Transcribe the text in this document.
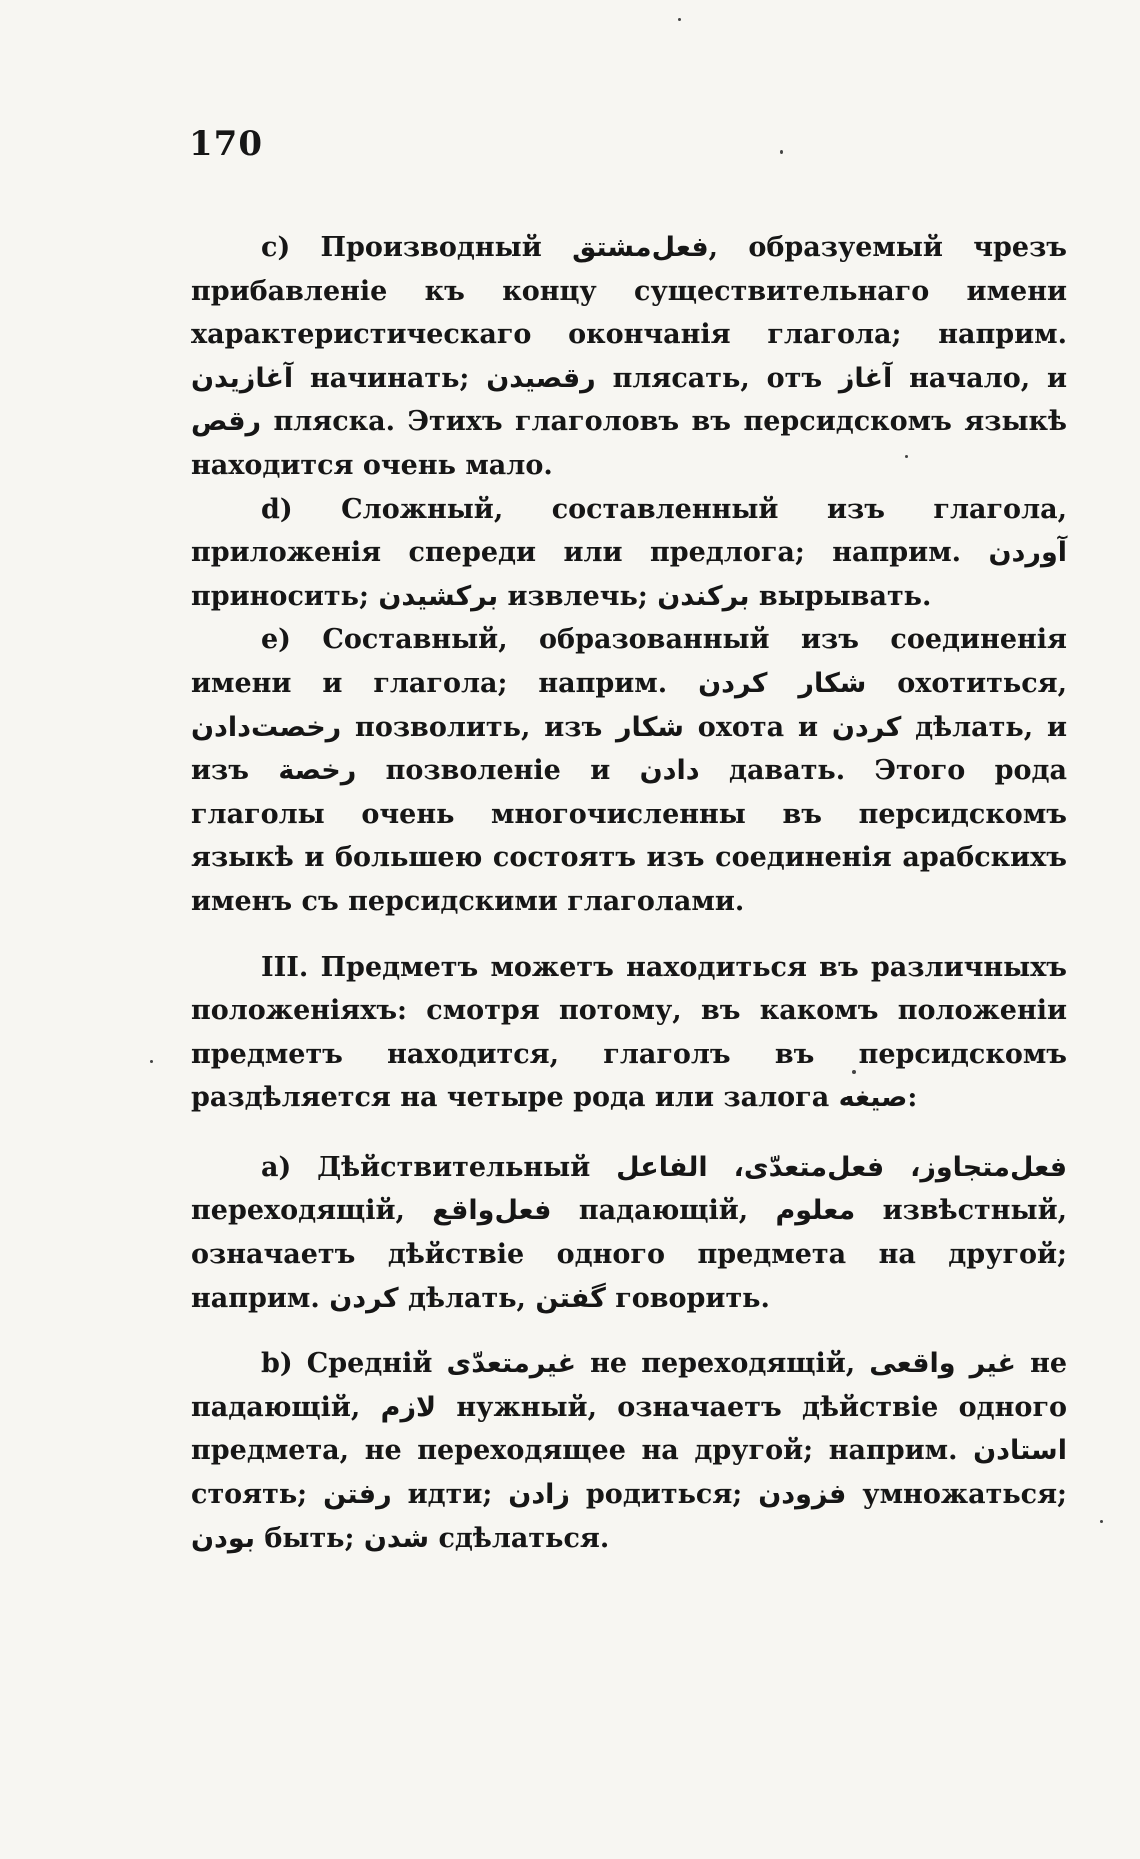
170

c) Производный فعل‌مشتق, образуемый чрезъ прибавленіе къ концу существительнаго имени характеристическаго окончанія глагола; наприм. آغازيدن начинать; رقصيدن плясать, отъ آغاز начало, и رقص пляска. Этихъ глаголовъ въ персидскомъ языкѣ находится очень мало.

d) Сложный, составленный изъ глагола, приложенія спереди или предлога; наприм. آوردن приносить; بركشيدن извлечь; بركندن вырывать.

e) Составный, образованный изъ соединенія имени и глагола; наприм. شكار كردن охотиться, رخصت‌دادن позволить, изъ شكار охота и كردن дѣлать, и изъ رخصة позволеніе и دادن давать. Этого рода глаголы очень многочисленны въ персидскомъ языкѣ и большею состоятъ изъ соединенія арабскихъ именъ съ персидскими глаголами.

III. Предметъ можетъ находиться въ различныхъ положеніяхъ: смотря потому, въ какомъ положеніи предметъ находится, глаголъ въ персидскомъ раздѣляется на четыре рода или залога صيغه:

a) Дѣйствительный فعل‌متجاوز، فعل‌متعدّى، الفاعل переходящій, فعل‌واقع падающій, معلوم извѣстный, означаетъ дѣйствіе одного предмета на другой; наприм. كردن дѣлать, گفتن говорить.

b) Средній غيرمتعدّى не переходящій, غير واقعى не падающій, لازم нужный, означаетъ дѣйствіе одного предмета, не переходящее на другой; наприм. استادن стоять; رفتن идти; زادن родиться; فزودن умножаться; بودن быть; شدن сдѣлаться.
